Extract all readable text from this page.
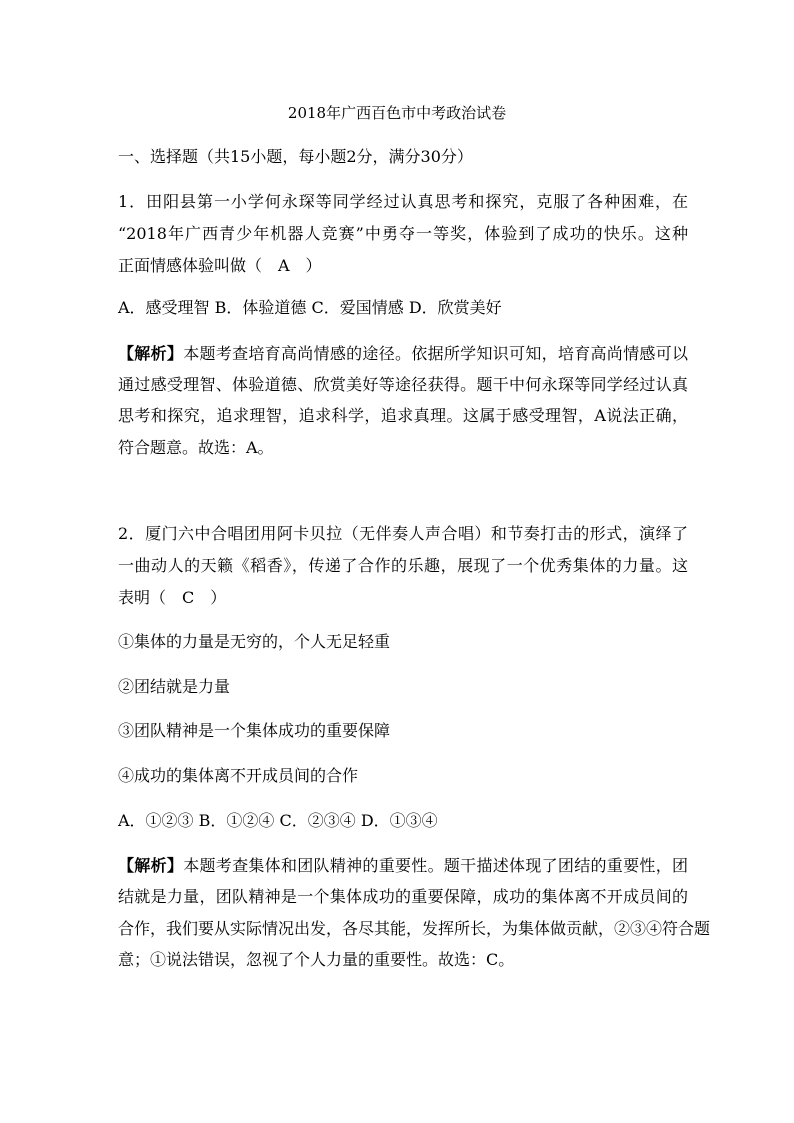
2018年广西百色市中考政治试卷
一、选择题（共15小题，每小题2分，满分30分）
1．田阳县第一小学何永琛等同学经过认真思考和探究，克服了各种困难，在
“2018年广西青少年机器人竞赛”中勇夺一等奖，体验到了成功的快乐。这种
正面情感体验叫做（　A　）
A．感受理智 B．体验道德 C．爱国情感 D．欣赏美好
【解析】本题考查培育高尚情感的途径。依据所学知识可知，培育高尚情感可以
通过感受理智、体验道德、欣赏美好等途径获得。题干中何永琛等同学经过认真
思考和探究，追求理智，追求科学，追求真理。这属于感受理智，A说法正确，
符合题意。故选：A。
2．厦门六中合唱团用阿卡贝拉（无伴奏人声合唱）和节奏打击的形式，演绎了
一曲动人的天籁《稻香》，传递了合作的乐趣，展现了一个优秀集体的力量。这
表明（　C　）
①集体的力量是无穷的，个人无足轻重
②团结就是力量
③团队精神是一个集体成功的重要保障
④成功的集体离不开成员间的合作
A．①②③ B．①②④ C．②③④ D．①③④
【解析】本题考查集体和团队精神的重要性。题干描述体现了团结的重要性，团
结就是力量，团队精神是一个集体成功的重要保障，成功的集体离不开成员间的
合作，我们要从实际情况出发，各尽其能，发挥所长，为集体做贡献，②③④符合题
意；①说法错误，忽视了个人力量的重要性。故选：C。
